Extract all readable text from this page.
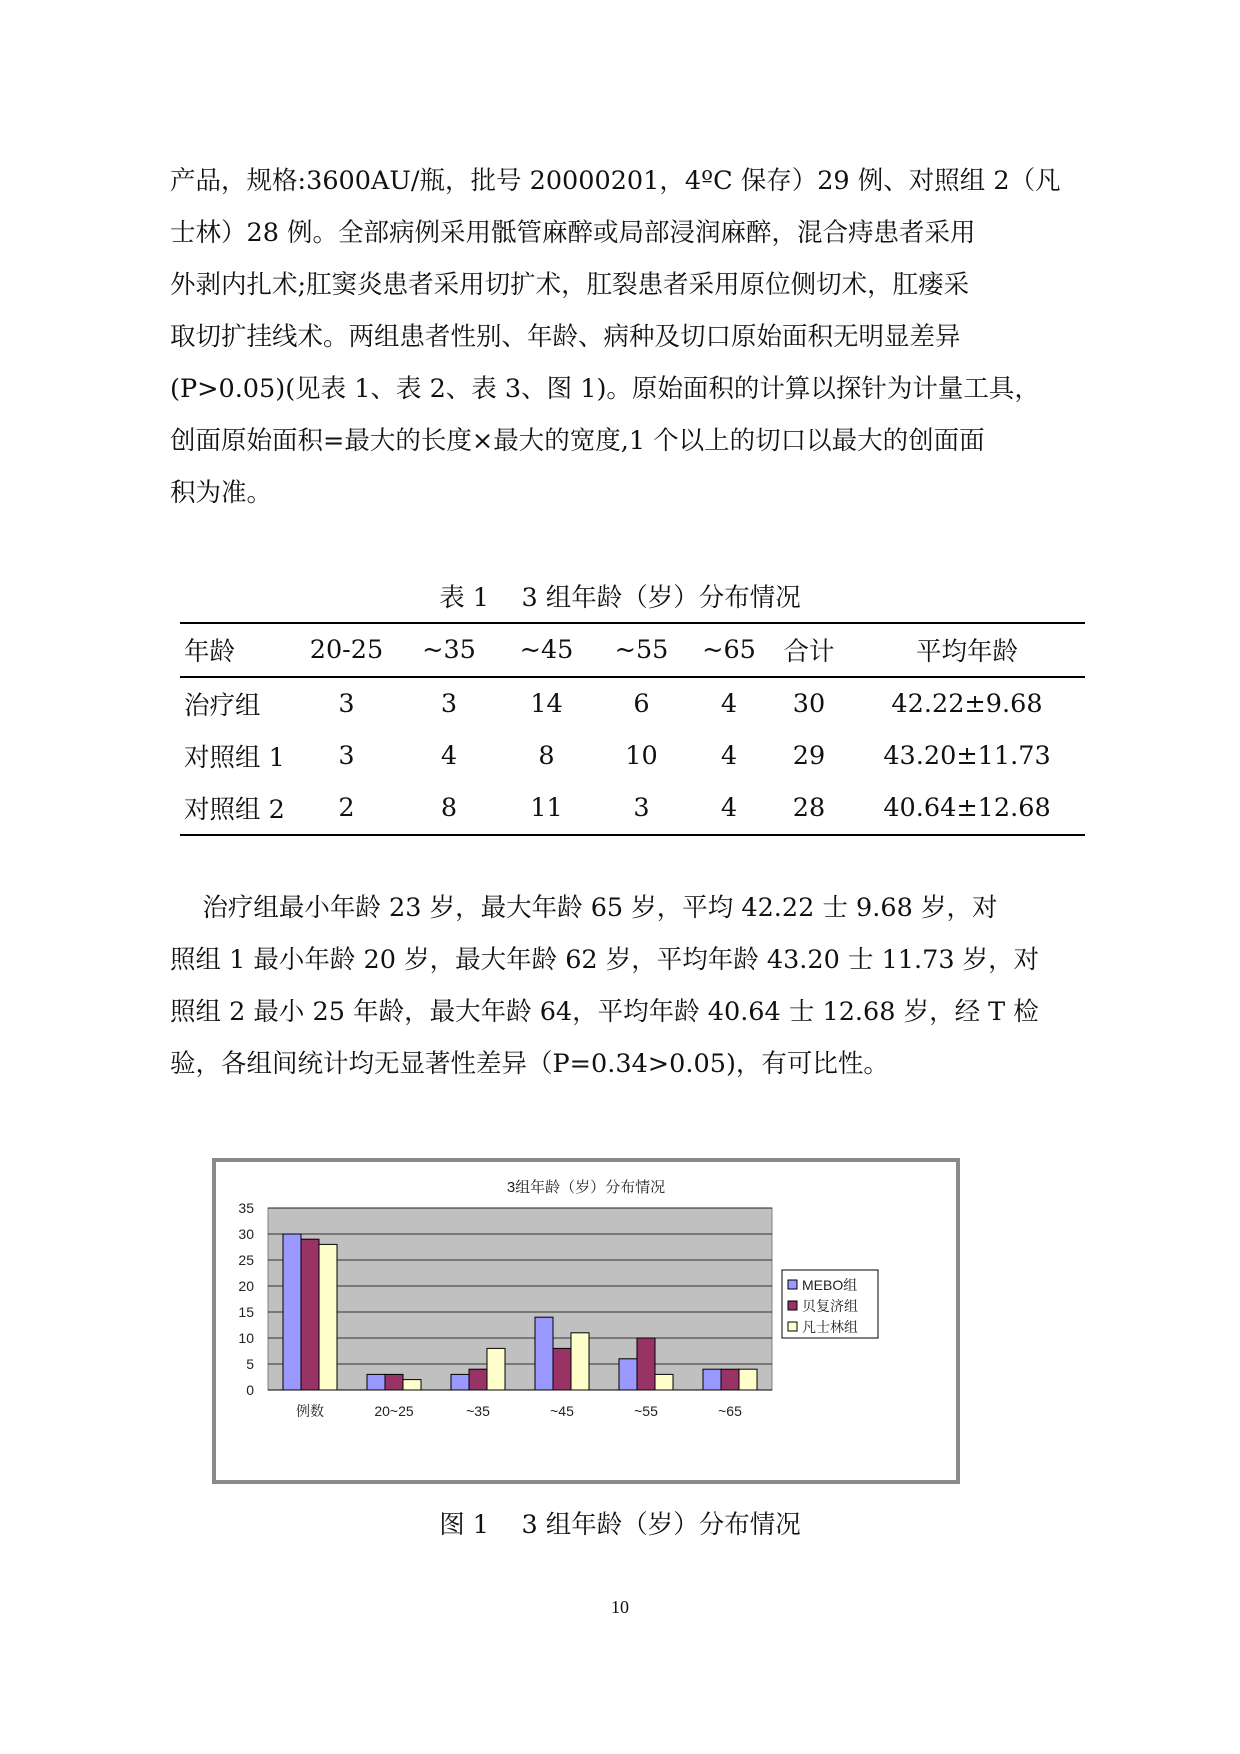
产品，规格:3600AU/瓶，批号 20000201，4ºC 保存）29 例、对照组 2（凡
士林）28 例。全部病例采用骶管麻醉或局部浸润麻醉，混合痔患者采用
外剥内扎术;肛窦炎患者采用切扩术，肛裂患者采用原位侧切术，肛瘘采
取切扩挂线术。两组患者性别、年龄、病种及切口原始面积无明显差异
(P>0.05)(见表 1、表 2、表 3、图 1)。原始面积的计算以探针为计量工具，
创面原始面积=最大的长度×最大的宽度,1 个以上的切口以最大的创面面
积为准。

表 1    3 组年龄（岁）分布情况
年龄	20-25	~35	~45	~55	~65	合计	平均年龄
治疗组	3	3	14	6	4	30	42.22±9.68
对照组 1	3	4	8	10	4	29	43.20±11.73
对照组 2	2	8	11	3	4	28	40.64±12.68

治疗组最小年龄 23 岁，最大年龄 65 岁，平均 42.22 士 9.68 岁，对
照组 1 最小年龄 20 岁，最大年龄 62 岁，平均年龄 43.20 士 11.73 岁，对
照组 2 最小 25 年龄，最大年龄 64，平均年龄 40.64 士 12.68 岁，经 T 检
验，各组间统计均无显著性差异（P=0.34>0.05)，有可比性。

3组年龄（岁）分布情况
0
5
10
15
20
25
30
35
例数	20~25	~35	~45	~55	~65
MEBO组
贝复济组
凡士林组
图 1    3 组年龄（岁）分布情况
10
